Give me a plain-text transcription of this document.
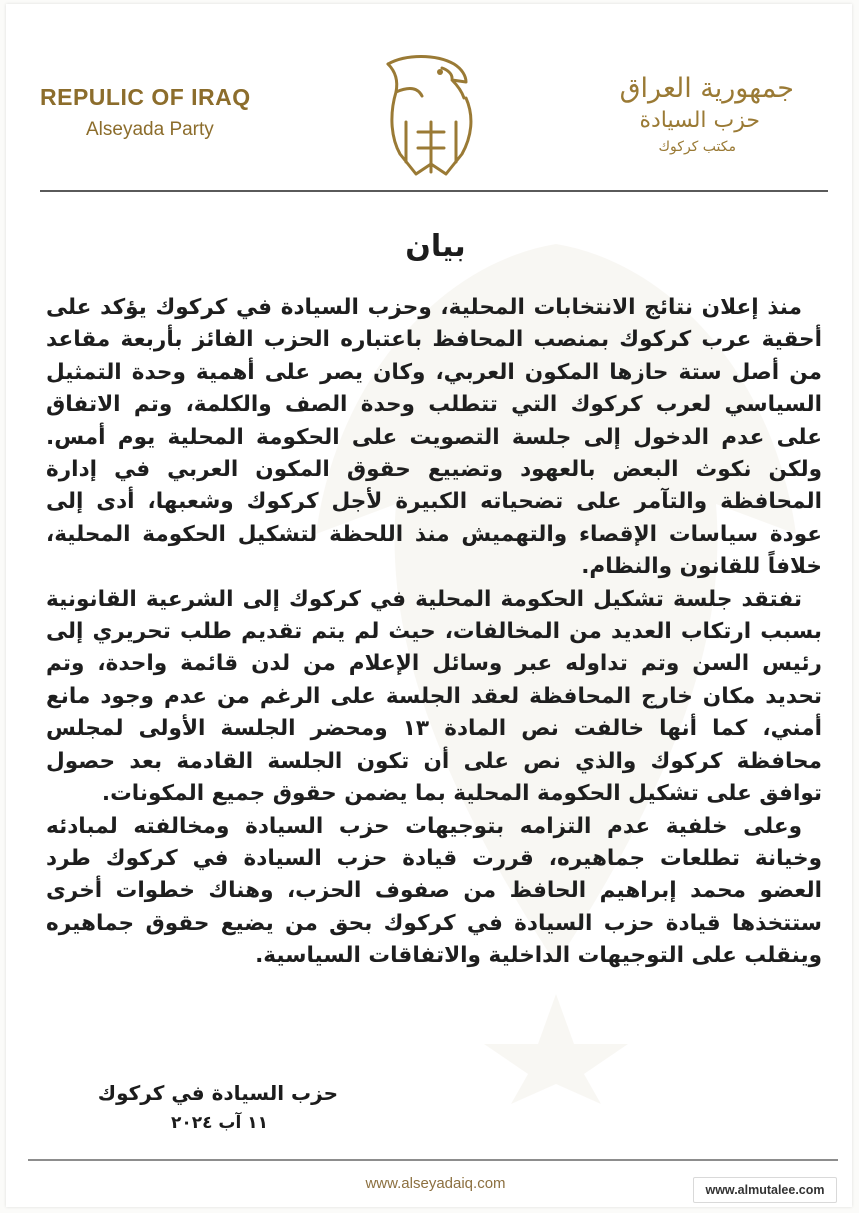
REPULIC OF IRAQ
Alseyada Party
جمهورية العراق
حزب السيادة
مكتب كركوك
بيان

منذ إعلان نتائج الانتخابات المحلية، وحزب السيادة في كركوك يؤكد على أحقية عرب كركوك بمنصب المحافظ باعتباره الحزب الفائز بأربعة مقاعد من أصل ستة حازها المكون العربي، وكان يصر على أهمية وحدة التمثيل السياسي لعرب كركوك التي تتطلب وحدة الصف والكلمة، وتم الاتفاق على عدم الدخول إلى جلسة التصويت على الحكومة المحلية يوم أمس. ولكن نكوث البعض بالعهود وتضييع حقوق المكون العربي في إدارة المحافظة والتآمر على تضحياته الكبيرة لأجل كركوك وشعبها، أدى إلى عودة سياسات الإقصاء والتهميش منذ اللحظة لتشكيل الحكومة المحلية، خلافاً للقانون والنظام.

تفتقد جلسة تشكيل الحكومة المحلية في كركوك إلى الشرعية القانونية بسبب ارتكاب العديد من المخالفات، حيث لم يتم تقديم طلب تحريري إلى رئيس السن وتم تداوله عبر وسائل الإعلام من لدن قائمة واحدة، وتم تحديد مكان خارج المحافظة لعقد الجلسة على الرغم من عدم وجود مانع أمني، كما أنها خالفت نص المادة ١٣ ومحضر الجلسة الأولى لمجلس محافظة كركوك والذي نص على أن تكون الجلسة القادمة بعد حصول توافق على تشكيل الحكومة المحلية بما يضمن حقوق جميع المكونات.

وعلى خلفية عدم التزامه بتوجيهات حزب السيادة ومخالفته لمبادئه وخيانة تطلعات جماهيره، قررت قيادة حزب السيادة في كركوك طرد العضو محمد إبراهيم الحافظ من صفوف الحزب، وهناك خطوات أخرى ستتخذها قيادة حزب السيادة في كركوك بحق من يضيع حقوق جماهيره وينقلب على التوجيهات الداخلية والاتفاقات السياسية.

حزب السيادة في كركوك
١١ آب ٢٠٢٤
www.alseyadaiq.com	www.almutalee.com
